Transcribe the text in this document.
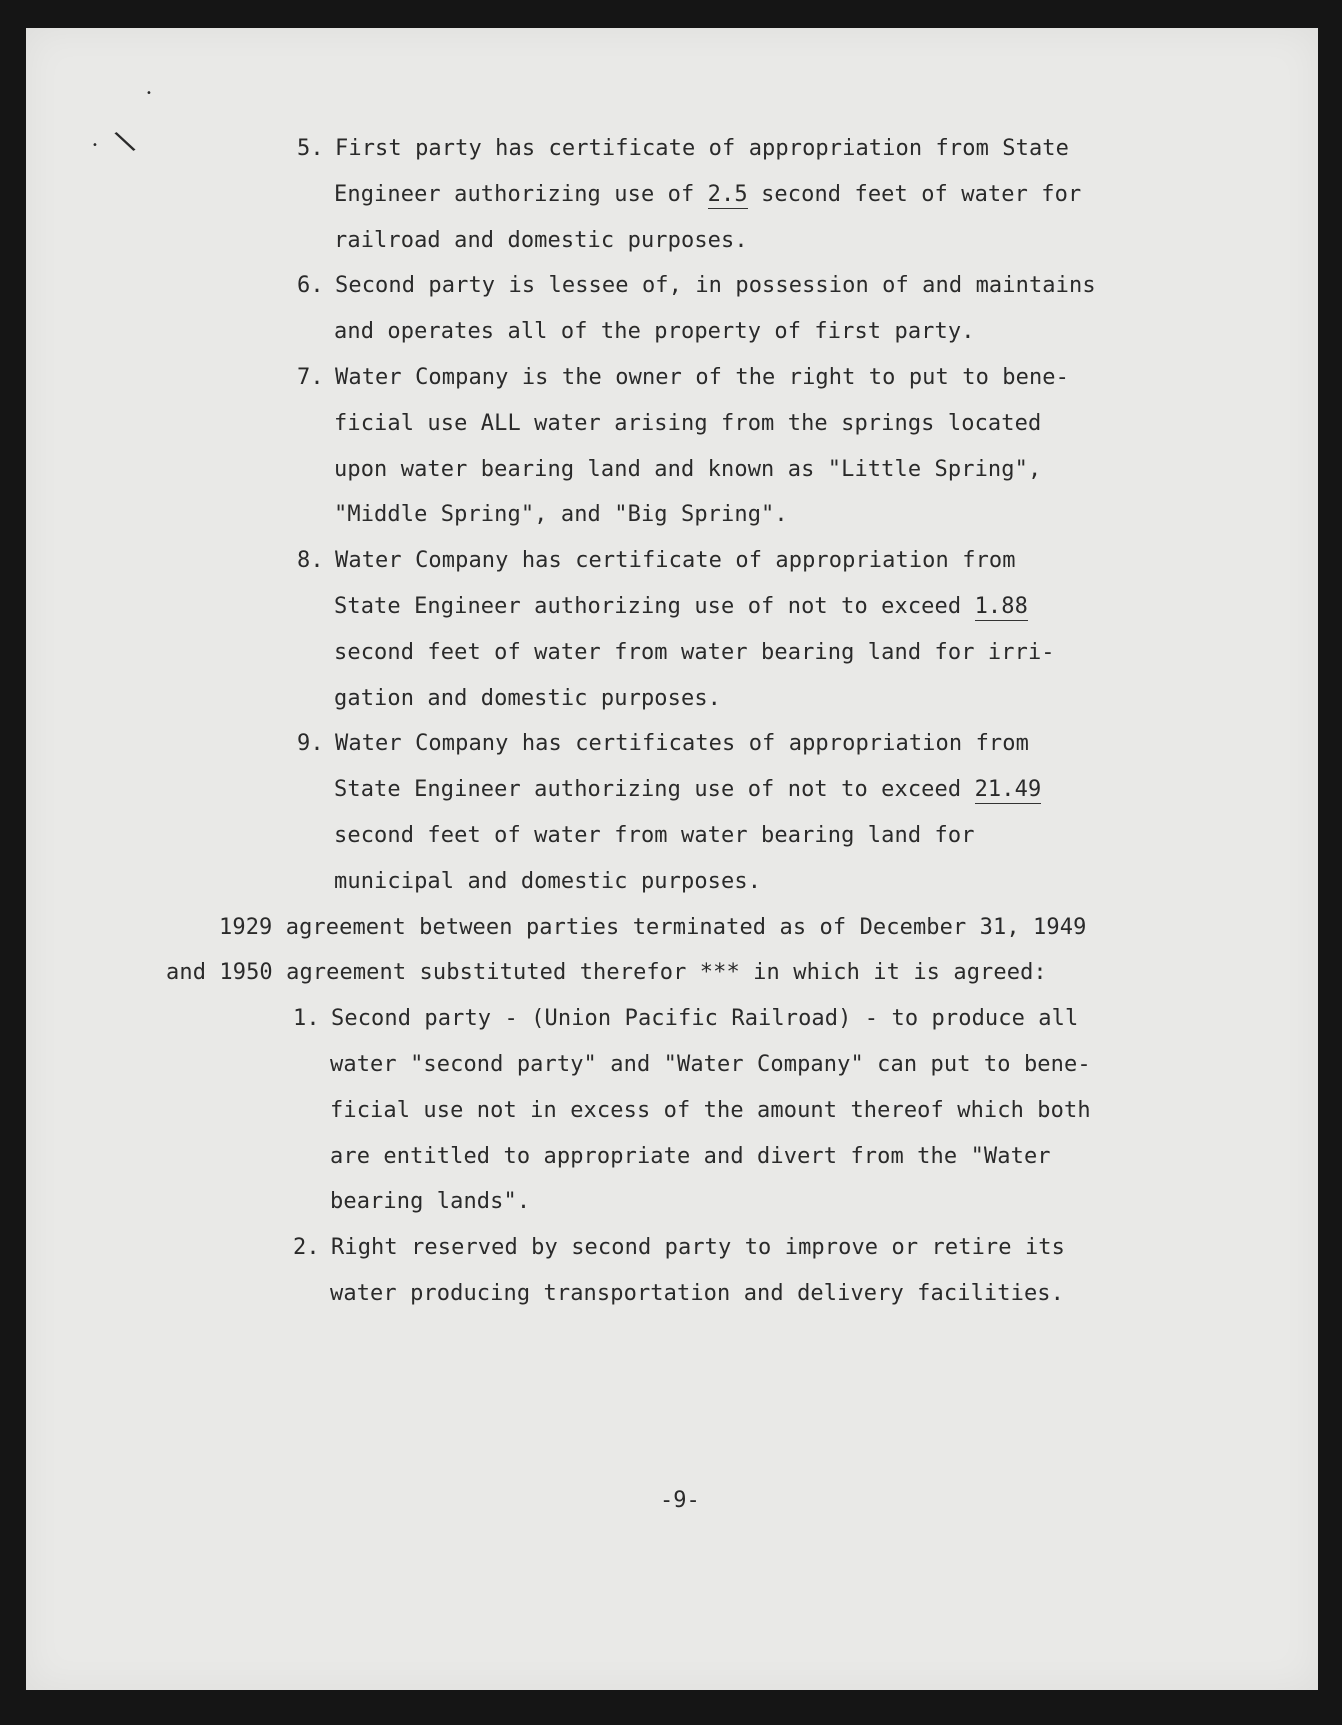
•
• \	5. First party has certificate of appropriation from State
Engineer authorizing use of 2.5 second feet of water for
railroad and domestic purposes.
6. Second party is lessee of, in possession of and maintains
and operates all of the property of first party.
7. Water Company is the owner of the right to put to bene-
ficial use ALL water arising from the springs located
upon water bearing land and known as "Little Spring",
"Middle Spring", and "Big Spring".
8. Water Company has certificate of appropriation from
State Engineer authorizing use of not to exceed 1.88
second feet of water from water bearing land for irri-
gation and domestic purposes.
9. Water Company has certificates of appropriation from
State Engineer authorizing use of not to exceed 21.49
second feet of water from water bearing land for
municipal and domestic purposes.
1929 agreement between parties terminated as of December 31, 1949
and 1950 agreement substituted therefor *** in which it is agreed:
1. Second party - (Union Pacific Railroad) - to produce all
water "second party" and "Water Company" can put to bene-
ficial use not in excess of the amount thereof which both
are entitled to appropriate and divert from the "Water
bearing lands".
2. Right reserved by second party to improve or retire its
water producing transportation and delivery facilities.
-9-
